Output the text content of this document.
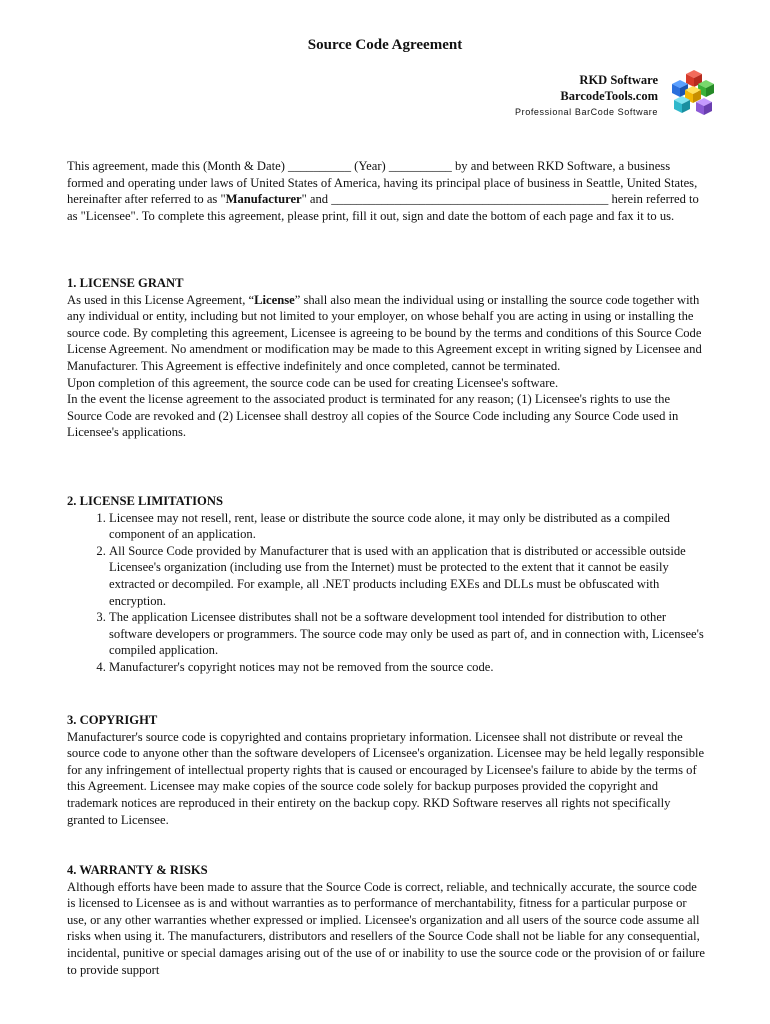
Source Code Agreement
RKD Software
BarcodeTools.com
Professional BarCode Software

This agreement, made this (Month & Date) __________ (Year) __________ by and between RKD Software, a business formed and operating under laws of United States of America, having its principal place of business in Seattle, United States, hereinafter after referred to as "Manufacturer" and ____________________________________________ herein referred to as "Licensee". To complete this agreement, please print, fill it out, sign and date the bottom of each page and fax it to us.

1. LICENSE GRANT

As used in this License Agreement, “License” shall also mean the individual using or installing the source code together with any individual or entity, including but not limited to your employer, on whose behalf you are acting in using or installing the source code. By completing this agreement, Licensee is agreeing to be bound by the terms and conditions of this Source Code License Agreement. No amendment or modification may be made to this Agreement except in writing signed by Licensee and Manufacturer. This Agreement is effective indefinitely and once completed, cannot be terminated.

Upon completion of this agreement, the source code can be used for creating Licensee's software.

In the event the license agreement to the associated product is terminated for any reason; (1) Licensee's rights to use the Source Code are revoked and (2) Licensee shall destroy all copies of the Source Code including any Source Code used in Licensee's applications.

2. LICENSE LIMITATIONS
1. Licensee may not resell, rent, lease or distribute the source code alone, it may only be distributed as a compiled component of an application.
2. All Source Code provided by Manufacturer that is used with an application that is distributed or accessible outside Licensee's organization (including use from the Internet) must be protected to the extent that it cannot be easily extracted or decompiled. For example, all .NET products including EXEs and DLLs must be obfuscated with encryption.
3. The application Licensee distributes shall not be a software development tool intended for distribution to other software developers or programmers. The source code may only be used as part of, and in connection with, Licensee's compiled application.
4. Manufacturer's copyright notices may not be removed from the source code.
3. COPYRIGHT

Manufacturer's source code is copyrighted and contains proprietary information. Licensee shall not distribute or reveal the source code to anyone other than the software developers of Licensee's organization. Licensee may be held legally responsible for any infringement of intellectual property rights that is caused or encouraged by Licensee's failure to abide by the terms of this Agreement. Licensee may make copies of the source code solely for backup purposes provided the copyright and trademark notices are reproduced in their entirety on the backup copy. RKD Software reserves all rights not specifically granted to Licensee.

4. WARRANTY & RISKS

Although efforts have been made to assure that the Source Code is correct, reliable, and technically accurate, the source code is licensed to Licensee as is and without warranties as to performance of merchantability, fitness for a particular purpose or use, or any other warranties whether expressed or implied. Licensee's organization and all users of the source code assume all risks when using it. The manufacturers, distributors and resellers of the Source Code shall not be liable for any consequential, incidental, punitive or special damages arising out of the use of or inability to use the source code or the provision of or failure to provide support
